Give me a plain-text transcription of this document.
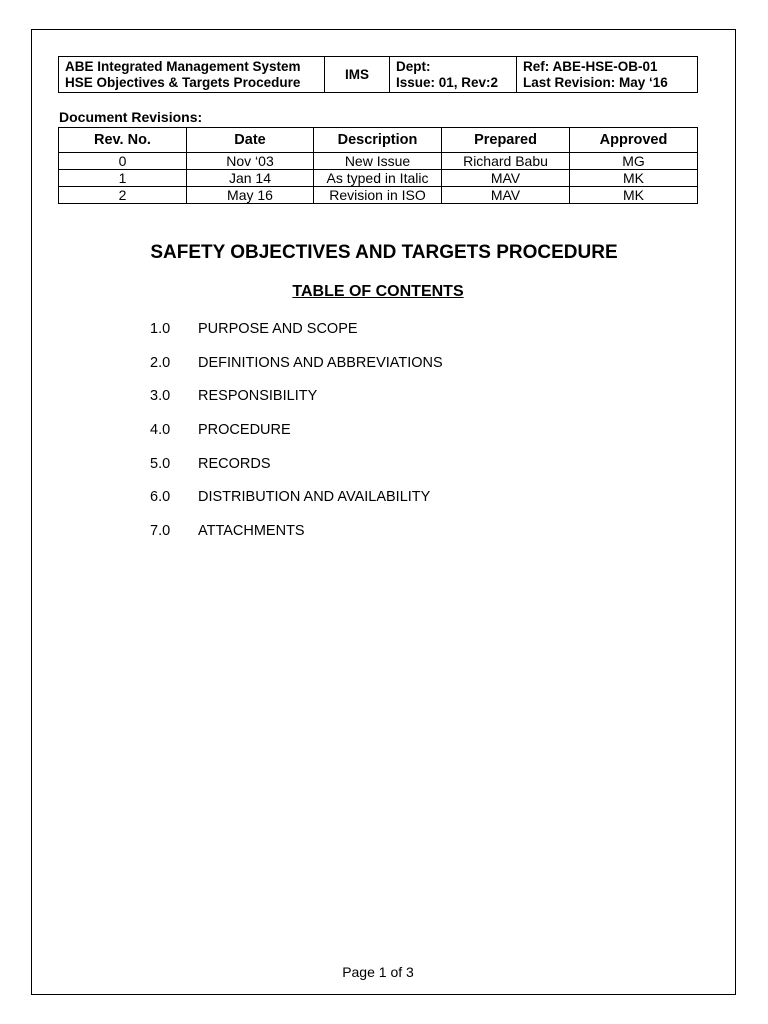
ABE Integrated Management System
HSE Objectives & Targets Procedure
	IMS	
Dept:
Issue: 01, Rev:2

Ref: ABE-HSE-OB-01
Last Revision: May ‘16
Document Revisions:
Rev. No.	Date	Description	Prepared	Approved
0	Nov ‘03	New Issue	Richard Babu	MG
1	Jan 14	As typed in Italic	MAV	MK
2	May 16	Revision in ISO	MAV	MK
SAFETY OBJECTIVES AND TARGETS PROCEDURE
TABLE OF CONTENTS
1.0 PURPOSE AND SCOPE
2.0 DEFINITIONS AND ABBREVIATIONS
3.0 RESPONSIBILITY
4.0 PROCEDURE
5.0 RECORDS
6.0 DISTRIBUTION AND AVAILABILITY
7.0 ATTACHMENTS
Page 1 of 3
